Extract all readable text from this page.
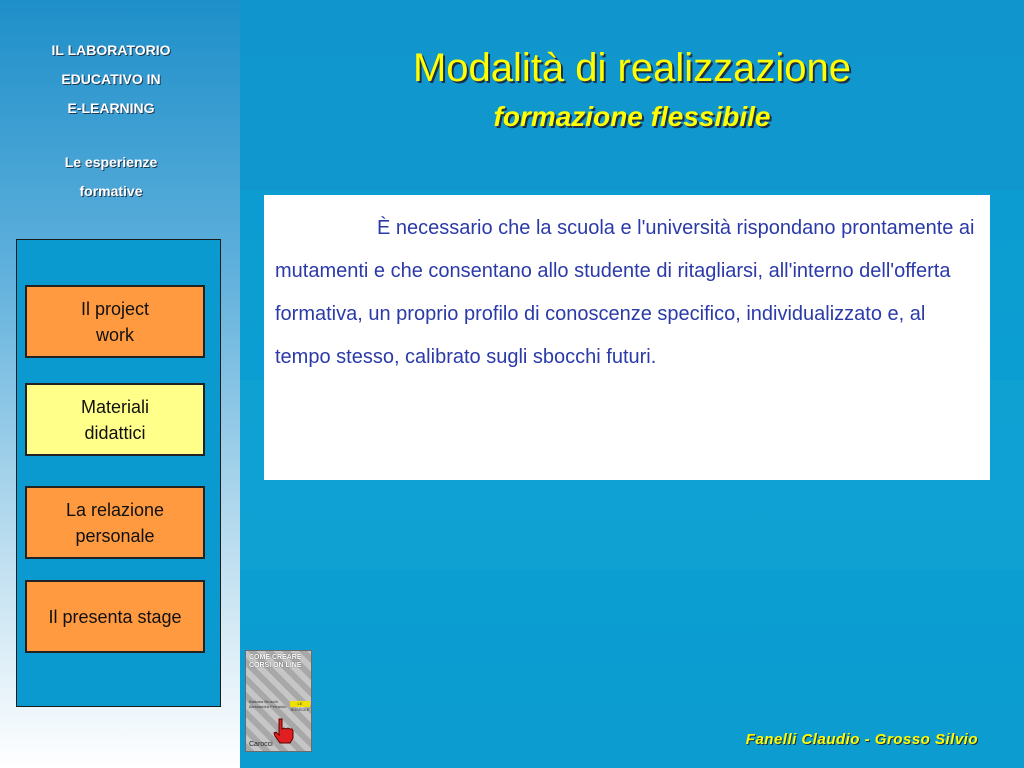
IL LABORATORIO
EDUCATIVO IN
E-LEARNING
Le esperienze
formative
Il project
work
Materiali
didattici
La relazione
personale
Il presenta stage
Modalità di realizzazione
formazione flessibile

È necessario che la scuola e l'università rispondano prontamente ai mutamenti e che consentano allo studente di ritagliarsi, all'interno dell'offerta formativa, un proprio profilo di conoscenze specifico, individualizzato e, al tempo stesso, calibrato sugli sbocchi futuri.

COME CREARE CORSI ON LINE
Barbara Bruschi Alessandra Petrarulo
LE BUSSOLE
Carocci	Fanelli Claudio - Grosso Silvio
